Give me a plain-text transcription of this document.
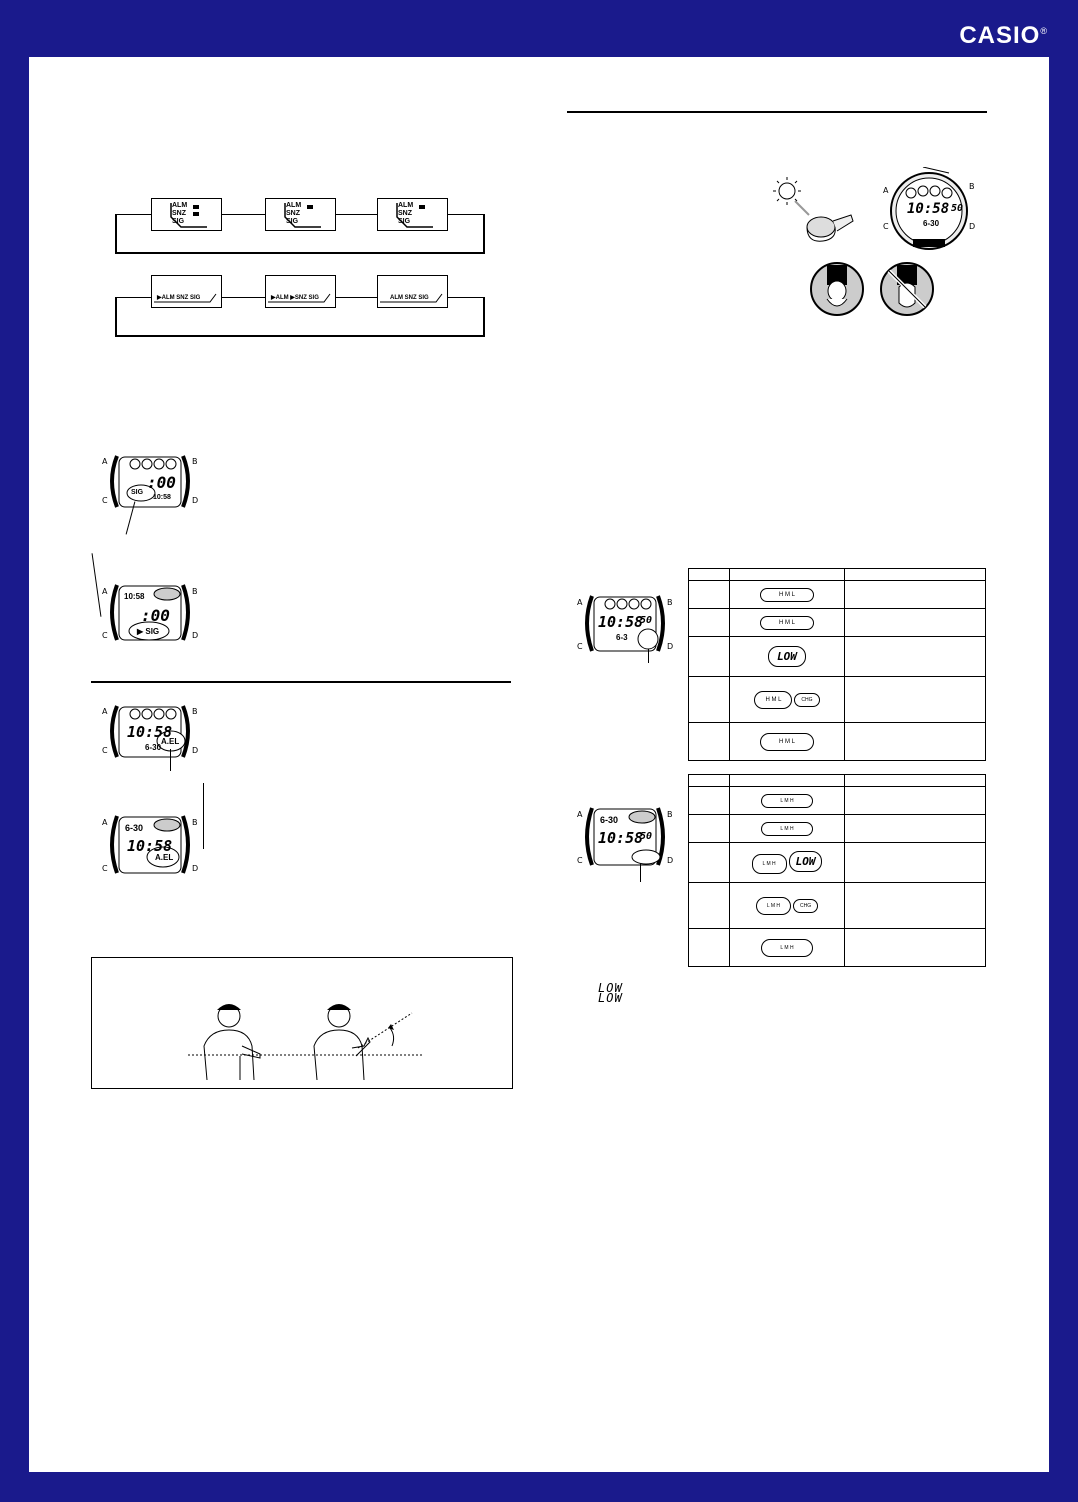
CASIO®
ALM
SNZ
SIG
ALM
SNZ
SIG
ALM
SNZ
SIG
▶ALM SNZ SIG	▶ALM ▶SNZ SIG	ALM SNZ SIG
A	B
C	D
:00
10:58
SIG
A	B
C	D
10:58
:00
▶ SIG
A	B
C	D
10:58
6-30
A.EL
A	B
C	D
6-30
10:58
A.EL
A	B
C	D
10:58 50
6-30
A	B
C	D
10:58
50
6-3

	H M L	
	H M L	
	LOW	
	H M L CHG	
	H M L	
A	B
C	D
6-30
10:58
50

	L M H	
	L M H	
	L M H LOW	
	L M H CHG	
	L M H	
LOW
LOW
